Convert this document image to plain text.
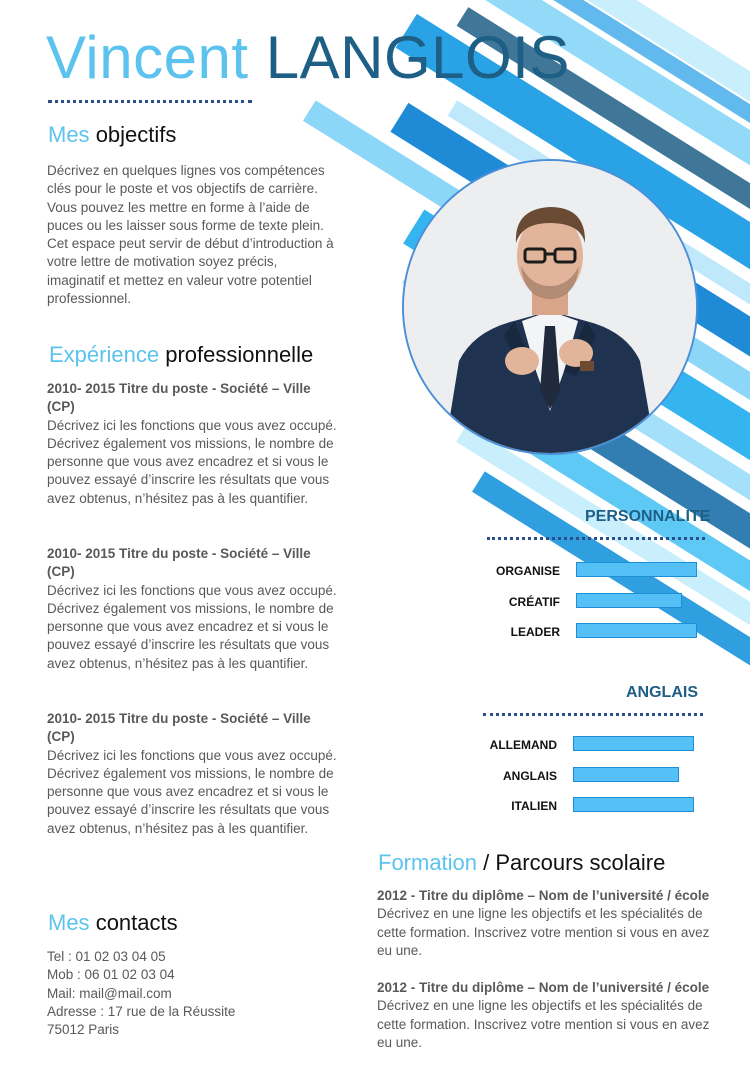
Vincent LANGLOIS
Mes objectifs
Décrivez en quelques lignes vos compétences clés pour le poste et vos objectifs de carrière. Vous pouvez les mettre en forme à l’aide de puces ou les laisser sous forme de texte plein. Cet espace peut servir de début d’introduction à votre lettre de motivation soyez précis, imaginatif et mettez en valeur votre potentiel professionnel.
Expérience professionnelle
2010- 2015 Titre du poste - Société – Ville (CP)
Décrivez ici les fonctions que vous avez occupé. Décrivez également vos missions, le nombre de personne que vous avez encadrez et si vous le pouvez essayé d’inscrire les résultats que vous avez obtenus, n’hésitez pas à les quantifier.
2010- 2015 Titre du poste - Société – Ville (CP)
Décrivez ici les fonctions que vous avez occupé. Décrivez également vos missions, le nombre de personne que vous avez encadrez et si vous le pouvez essayé d’inscrire les résultats que vous avez obtenus, n’hésitez pas à les quantifier.
2010- 2015 Titre du poste - Société – Ville (CP)
Décrivez ici les fonctions que vous avez occupé. Décrivez également vos missions, le nombre de personne que vous avez encadrez et si vous le pouvez essayé d’inscrire les résultats que vous avez obtenus, n’hésitez pas à les quantifier.
Mes contacts
Tel : 01 02 03 04 05
Mob : 06 01 02 03 04
Mail: mail@mail.com
Adresse : 17 rue de la Réussite
75012 Paris
PERSONNALITE
ORGANISE
CRÉATIF
LEADER
ANGLAIS
ALLEMAND
ANGLAIS
ITALIEN
Formation / Parcours scolaire
2012 - Titre du diplôme – Nom de l’université / école
Décrivez en une ligne les objectifs et les spécialités de cette formation. Inscrivez votre mention si vous en avez eu une.
2012 - Titre du diplôme – Nom de l’université / école
Décrivez en une ligne les objectifs et les spécialités de cette formation. Inscrivez votre mention si vous en avez eu une.
